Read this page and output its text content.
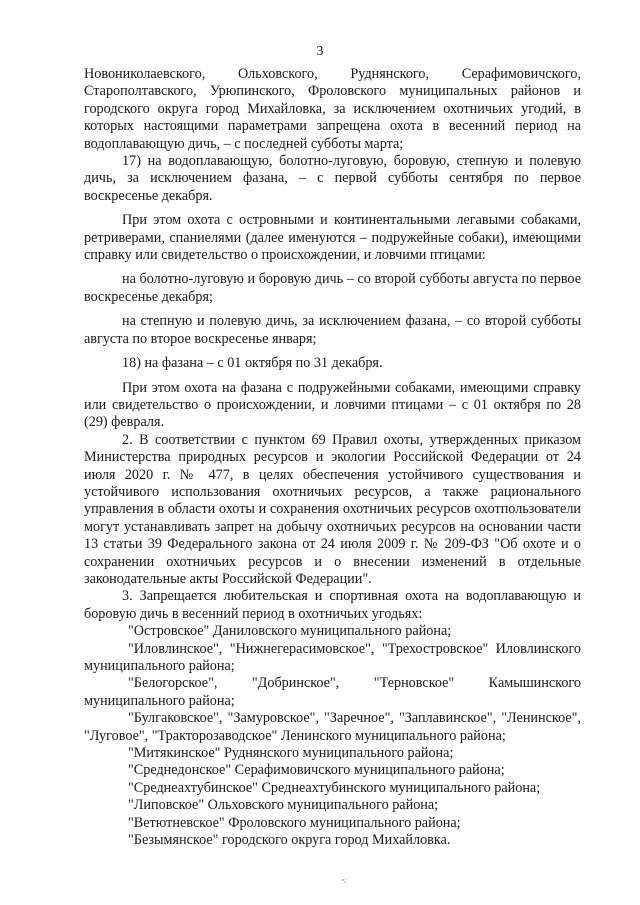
3

Новониколаевского, Ольховского, Руднянского, Серафимовичского, Старополтавского, Урюпинского, Фроловского муниципальных районов и городского округа город Михайловка, за исключением охотничьих угодий, в которых настоящими параметрами запрещена охота в весенний период на водоплавающую дичь, – с последней субботы марта;

17) на водоплавающую, болотно-луговую, боровую, степную и полевую дичь, за исключением фазана, – с первой субботы сентября по первое воскресенье декабря.

При этом охота с островными и континентальными легавыми собаками, ретриверами, спаниелями (далее именуются – подружейные собаки), имеющими справку или свидетельство о происхождении, и ловчими птицами:

на болотно-луговую и боровую дичь – со второй субботы августа по первое воскресенье декабря;

на степную и полевую дичь, за исключением фазана, – со второй субботы августа по второе воскресенье января;

18) на фазана – с 01 октября по 31 декабря.

При этом охота на фазана с подружейными собаками, имеющими справку или свидетельство о происхождении, и ловчими птицами – с 01 октября по 28 (29) февраля.

2. В соответствии с пунктом 69 Правил охоты, утвержденных приказом Министерства природных ресурсов и экологии Российской Федерации от 24 июля 2020 г. № 477, в целях обеспечения устойчивого существования и устойчивого использования охотничьих ресурсов, а также рационального управления в области охоты и сохранения охотничьих ресурсов охотпользователи могут устанавливать запрет на добычу охотничьих ресурсов на основании части 13 статьи 39 Федерального закона от 24 июля 2009 г. № 209-ФЗ "Об охоте и о сохранении охотничьих ресурсов и о внесении изменений в отдельные законодательные акты Российской Федерации".

3. Запрещается любительская и спортивная охота на водоплавающую и боровую дичь в весенний период в охотничьих угодьях:

"Островское" Даниловского муниципального района;

"Иловлинское", "Нижнегерасимовское", "Трехостровское" Иловлинского муниципального района;

"Белогорское", "Добринское", "Терновское" Камышинского муниципального района;

"Булгаковское", "Замуровское", "Заречное", "Заплавинское", "Ленинское", "Луговое", "Тракторозаводское" Ленинского муниципального района;

"Митякинское" Руднянского муниципального района;

"Среднедонское" Серафимовичского муниципального района;

"Среднеахтубинское" Среднеахтубинского муниципального района;

"Липовское" Ольховского муниципального района;

"Ветютневское" Фроловского муниципального района;

"Безымянское" городского округа город Михайловка.
